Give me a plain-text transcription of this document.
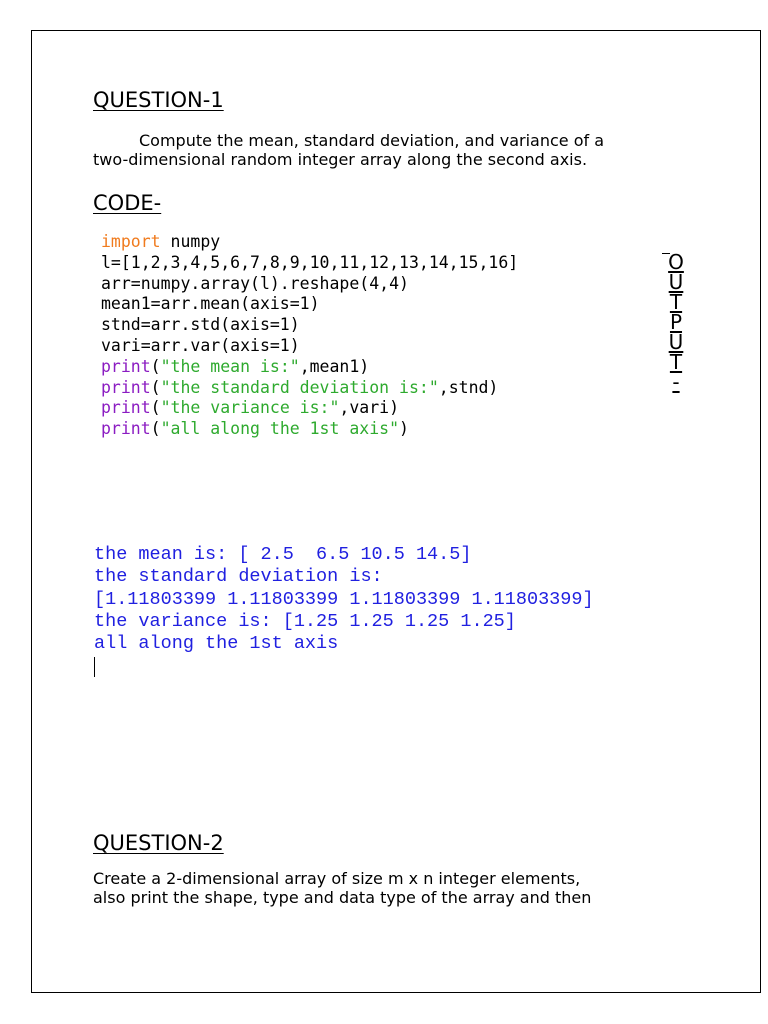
QUESTION-1
Compute the mean, standard deviation, and variance of a
two-dimensional random integer array along the second axis.
CODE-
import numpy
l=[1,2,3,4,5,6,7,8,9,10,11,12,13,14,15,16]
arr=numpy.array(l).reshape(4,4)
mean1=arr.mean(axis=1)
stnd=arr.std(axis=1)
vari=arr.var(axis=1)
print("the mean is:",mean1)
print("the standard deviation is:",stnd)
print("the variance is:",vari)
print("all along the 1st axis")
O
U
T
P
U
T
-
the mean is: [ 2.5  6.5 10.5 14.5]
the standard deviation is:
[1.11803399 1.11803399 1.11803399 1.11803399]
the variance is: [1.25 1.25 1.25 1.25]
all along the 1st axis
QUESTION-2
Create a 2-dimensional array of size m x n integer elements,
also print the shape, type and data type of the array and then
